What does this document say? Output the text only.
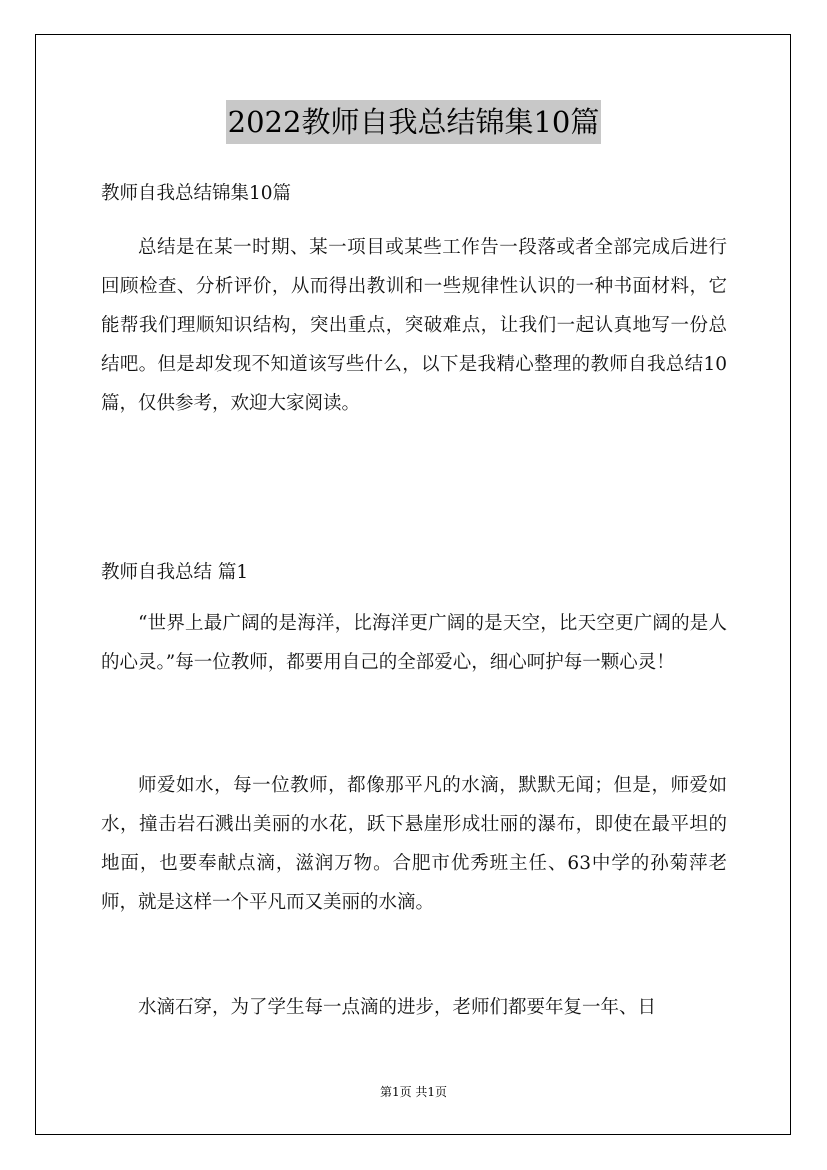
2022教师自我总结锦集10篇
教师自我总结锦集10篇
总结是在某一时期、某一项目或某些工作告一段落或者全部完成后进行回顾检查、分析评价，从而得出教训和一些规律性认识的一种书面材料，它能帮我们理顺知识结构，突出重点，突破难点，让我们一起认真地写一份总结吧。但是却发现不知道该写些什么，以下是我精心整理的教师自我总结10篇，仅供参考，欢迎大家阅读。
教师自我总结 篇1
“世界上最广阔的是海洋，比海洋更广阔的是天空，比天空更广阔的是人的心灵。”每一位教师，都要用自己的全部爱心，细心呵护每一颗心灵！
师爱如水，每一位教师，都像那平凡的水滴，默默无闻；但是，师爱如水，撞击岩石溅出美丽的水花，跃下悬崖形成壮丽的瀑布，即使在最平坦的地面，也要奉献点滴，滋润万物。合肥市优秀班主任、63中学的孙菊萍老师，就是这样一个平凡而又美丽的水滴。
水滴石穿，为了学生每一点滴的进步，老师们都要年复一年、日
第1页 共1页
